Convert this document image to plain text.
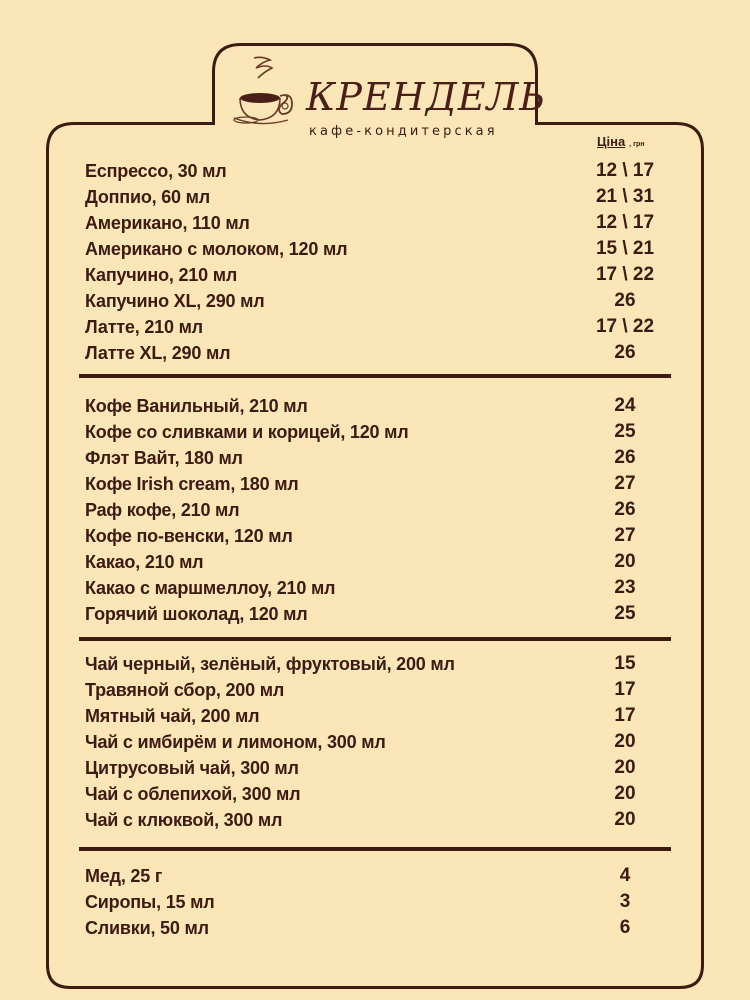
КРЕНДЕЛЬ
кафе-кондитерская
Ціна , грн
Еспрессо, 30 мл	12 \ 17
Доппио, 60 мл	21 \ 31
Американо, 110 мл	12 \ 17
Американо с молоком, 120 мл	15 \ 21
Капучино, 210 мл	17 \ 22
Капучино XL, 290 мл	26
Латте, 210 мл	17 \ 22
Латте XL, 290 мл	26
Кофе Ванильный, 210 мл	24
Кофе со сливками и корицей, 120 мл	25
Флэт Вайт, 180 мл	26
Кофе Irish cream, 180 мл	27
Раф кофе, 210 мл	26
Кофе по-венски, 120 мл	27
Какао, 210 мл	20
Какао с маршмеллоу, 210 мл	23
Горячий шоколад, 120 мл	25
Чай черный, зелёный, фруктовый, 200 мл	15
Травяной сбор, 200 мл	17
Мятный чай, 200 мл	17
Чай с имбирём и лимоном, 300 мл	20
Цитрусовый чай, 300 мл	20
Чай с облепихой, 300 мл	20
Чай с клюквой, 300 мл	20
Мед, 25 г	4
Сиропы, 15 мл	3
Сливки, 50 мл	6
